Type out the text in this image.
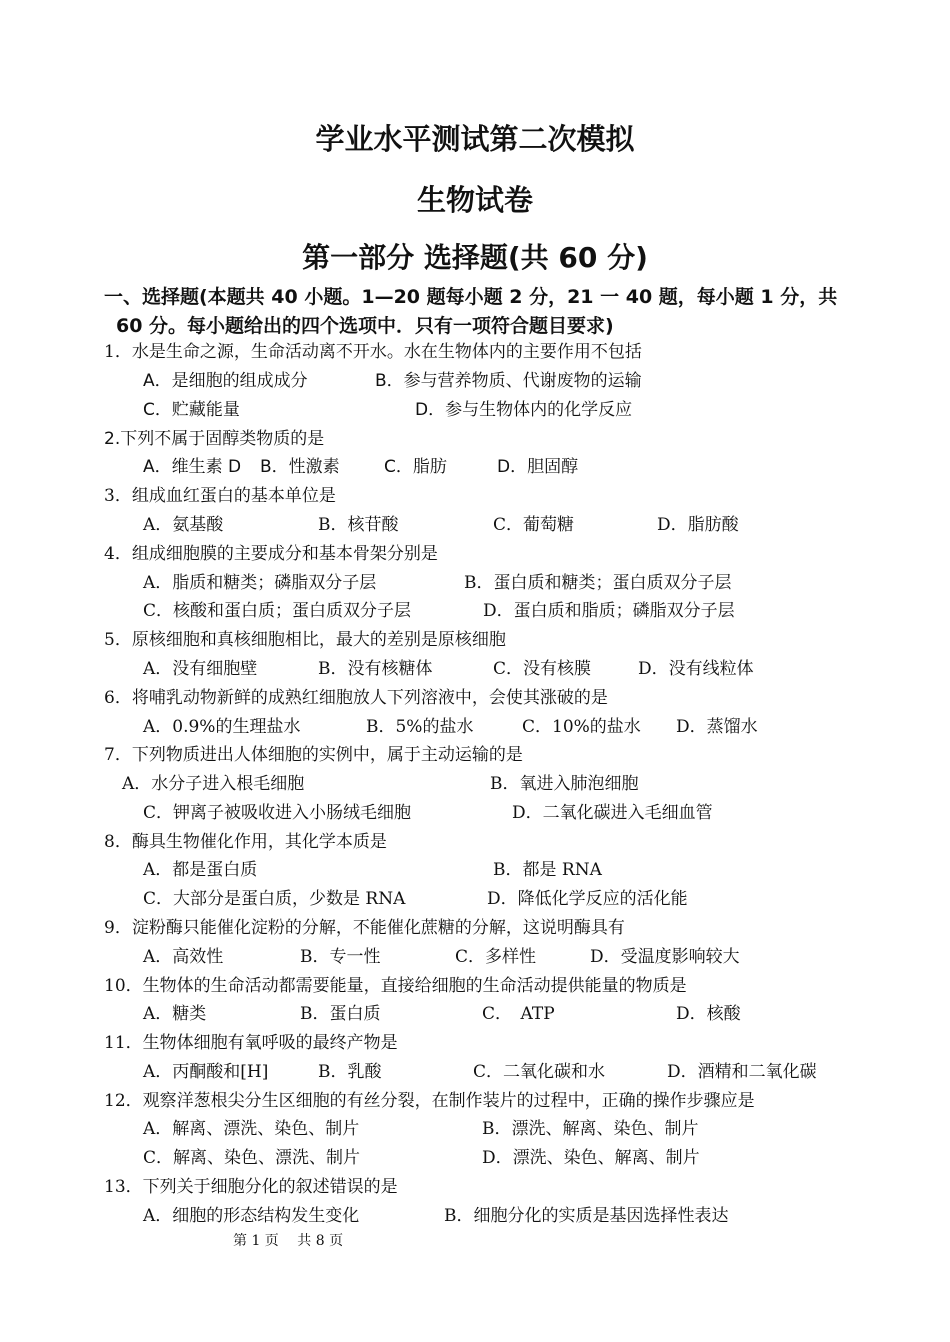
学业水平测试第二次模拟
生物试卷
第一部分 选择题(共 60 分)
一、选择题(本题共 40 小题。1—20 题每小题 2 分，21 一 40 题，每小题 1 分，共
60 分。每小题给出的四个选项中．只有一项符合题目要求)
1．水是生命之源，生命活动离不开水。水在生物体内的主要作用不包括
A．是细胞的组成成分	B．参与营养物质、代谢废物的运输
C．贮藏能量	D．参与生物体内的化学反应
2.下列不属于固醇类物质的是
A．维生素 D B．性激素	C．脂肪	D．胆固醇
3．组成血红蛋白的基本单位是
A．氨基酸	B．核苷酸	C．葡萄糖	D．脂肪酸
4．组成细胞膜的主要成分和基本骨架分别是
A．脂质和糖类；磷脂双分子层	B．蛋白质和糖类；蛋白质双分子层
C．核酸和蛋白质；蛋白质双分子层	D．蛋白质和脂质；磷脂双分子层
5．原核细胞和真核细胞相比，最大的差别是原核细胞
A．没有细胞壁	B．没有核糖体	C．没有核膜	D．没有线粒体
6．将哺乳动物新鲜的成熟红细胞放人下列溶液中，会使其涨破的是
A．0.9%的生理盐水	B．5%的盐水	C．10%的盐水 D．蒸馏水
7．下列物质进出人体细胞的实例中，属于主动运输的是
A．水分子进入根毛细胞	B．氧进入肺泡细胞
C．钾离子被吸收进入小肠绒毛细胞	D．二氧化碳进入毛细血管
8．酶具生物催化作用，其化学本质是
A．都是蛋白质	B．都是 RNA
C．大部分是蛋白质，少数是 RNA	D．降低化学反应的活化能
9．淀粉酶只能催化淀粉的分解，不能催化蔗糖的分解，这说明酶具有
A．高效性	B．专一性	C．多样性	D．受温度影响较大
10．生物体的生命活动都需要能量，直接给细胞的生命活动提供能量的物质是
A．糖类	B．蛋白质	C．　ATP	D．核酸
11．生物体细胞有氧呼吸的最终产物是
A．丙酮酸和[H]	B．乳酸	C．二氧化碳和水	D．酒精和二氧化碳
12．观察洋葱根尖分生区细胞的有丝分裂，在制作装片的过程中，正确的操作步骤应是
A．解离、漂洗、染色、制片	B．漂洗、解离、染色、制片
C．解离、染色、漂洗、制片	D．漂洗、染色、解离、制片
13．下列关于细胞分化的叙述错误的是
A．细胞的形态结构发生变化	B．细胞分化的实质是基因选择性表达
第 1 页　 共 8 页
